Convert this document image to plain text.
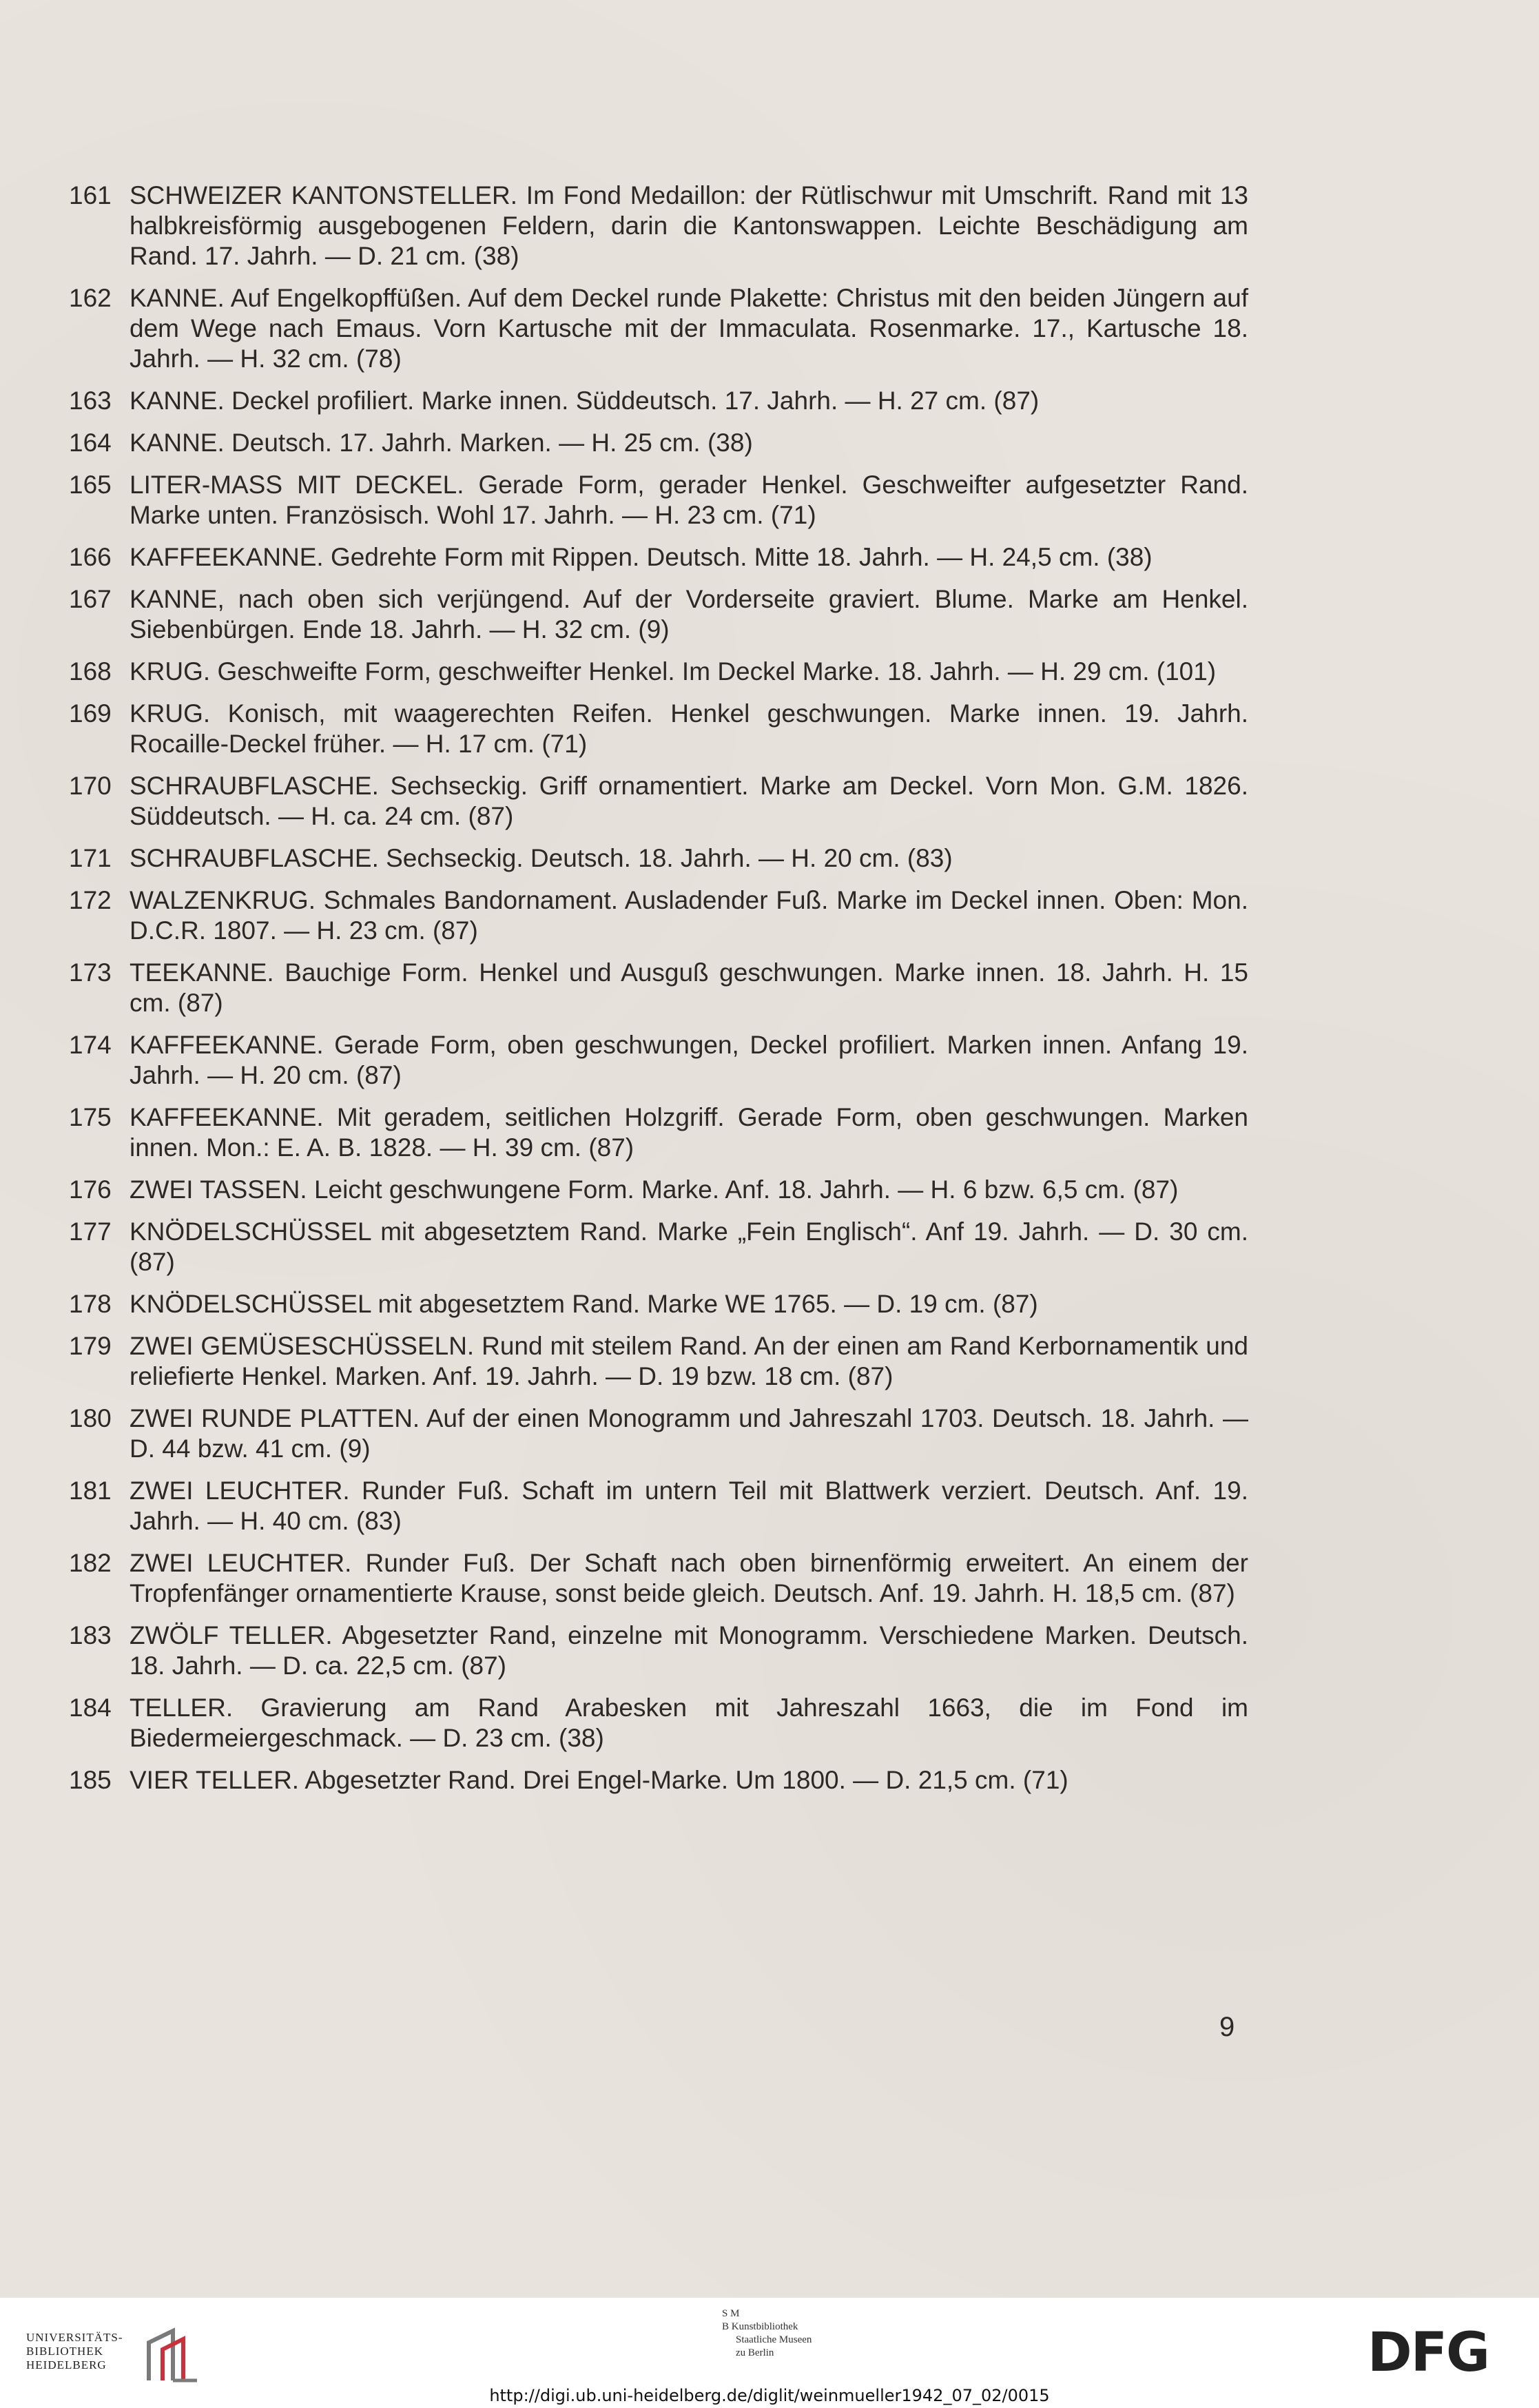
161 SCHWEIZER KANTONSTELLER. Im Fond Medaillon: der Rütlischwur mit Umschrift. Rand mit 13 halbkreisförmig ausgebogenen Feldern, darin die Kantonswappen. Leichte Beschädigung am Rand. 17. Jahrh. — D. 21 cm. (38)
162 KANNE. Auf Engelkopffüßen. Auf dem Deckel runde Plakette: Christus mit den beiden Jüngern auf dem Wege nach Emaus. Vorn Kartusche mit der Immaculata. Rosenmarke. 17., Kartusche 18. Jahrh. — H. 32 cm. (78)
163 KANNE. Deckel profiliert. Marke innen. Süddeutsch. 17. Jahrh. — H. 27 cm. (87)
164 KANNE. Deutsch. 17. Jahrh. Marken. — H. 25 cm. (38)
165 LITER-MASS MIT DECKEL. Gerade Form, gerader Henkel. Geschweifter aufgesetzter Rand. Marke unten. Französisch. Wohl 17. Jahrh. — H. 23 cm. (71)
166 KAFFEEKANNE. Gedrehte Form mit Rippen. Deutsch. Mitte 18. Jahrh. — H. 24,5 cm. (38)
167 KANNE, nach oben sich verjüngend. Auf der Vorderseite graviert. Blume. Marke am Henkel. Siebenbürgen. Ende 18. Jahrh. — H. 32 cm. (9)
168 KRUG. Geschweifte Form, geschweifter Henkel. Im Deckel Marke. 18. Jahrh. — H. 29 cm. (101)
169 KRUG. Konisch, mit waagerechten Reifen. Henkel geschwungen. Marke innen. 19. Jahrh. Rocaille-Deckel früher. — H. 17 cm. (71)
170 SCHRAUBFLASCHE. Sechseckig. Griff ornamentiert. Marke am Deckel. Vorn Mon. G.M. 1826. Süddeutsch. — H. ca. 24 cm. (87)
171 SCHRAUBFLASCHE. Sechseckig. Deutsch. 18. Jahrh. — H. 20 cm. (83)
172 WALZENKRUG. Schmales Bandornament. Ausladender Fuß. Marke im Deckel innen. Oben: Mon. D.C.R. 1807. — H. 23 cm. (87)
173 TEEKANNE. Bauchige Form. Henkel und Ausguß geschwungen. Marke innen. 18. Jahrh. H. 15 cm. (87)
174 KAFFEEKANNE. Gerade Form, oben geschwungen, Deckel profiliert. Marken innen. Anfang 19. Jahrh. — H. 20 cm. (87)
175 KAFFEEKANNE. Mit geradem, seitlichen Holzgriff. Gerade Form, oben geschwungen. Marken innen. Mon.: E. A. B. 1828. — H. 39 cm. (87)
176 ZWEI TASSEN. Leicht geschwungene Form. Marke. Anf. 18. Jahrh. — H. 6 bzw. 6,5 cm. (87)
177 KNÖDELSCHÜSSEL mit abgesetztem Rand. Marke „Fein Englisch“. Anf 19. Jahrh. — D. 30 cm. (87)
178 KNÖDELSCHÜSSEL mit abgesetztem Rand. Marke WE 1765. — D. 19 cm. (87)
179 ZWEI GEMÜSESCHÜSSELN. Rund mit steilem Rand. An der einen am Rand Kerbornamentik und reliefierte Henkel. Marken. Anf. 19. Jahrh. — D. 19 bzw. 18 cm. (87)
180 ZWEI RUNDE PLATTEN. Auf der einen Monogramm und Jahreszahl 1703. Deutsch. 18. Jahrh. — D. 44 bzw. 41 cm. (9)
181 ZWEI LEUCHTER. Runder Fuß. Schaft im untern Teil mit Blattwerk verziert. Deutsch. Anf. 19. Jahrh. — H. 40 cm. (83)
182 ZWEI LEUCHTER. Runder Fuß. Der Schaft nach oben birnenförmig erweitert. An einem der Tropfenfänger ornamentierte Krause, sonst beide gleich. Deutsch. Anf. 19. Jahrh. H. 18,5 cm. (87)
183 ZWÖLF TELLER. Abgesetzter Rand, einzelne mit Monogramm. Verschiedene Marken. Deutsch. 18. Jahrh. — D. ca. 22,5 cm. (87)
184 TELLER. Gravierung am Rand Arabesken mit Jahreszahl 1663, die im Fond im Biedermeiergeschmack. — D. 23 cm. (38)
185 VIER TELLER. Abgesetzter Rand. Drei Engel-Marke. Um 1800. — D. 21,5 cm. (71)
9
UNIVERSITÄTS-
BIBLIOTHEK
HEIDELBERG
S M
B Kunstbibliothek
Staatliche Museen
zu Berlin	DFG
http://digi.ub.uni-heidelberg.de/diglit/weinmueller1942_07_02/0015
